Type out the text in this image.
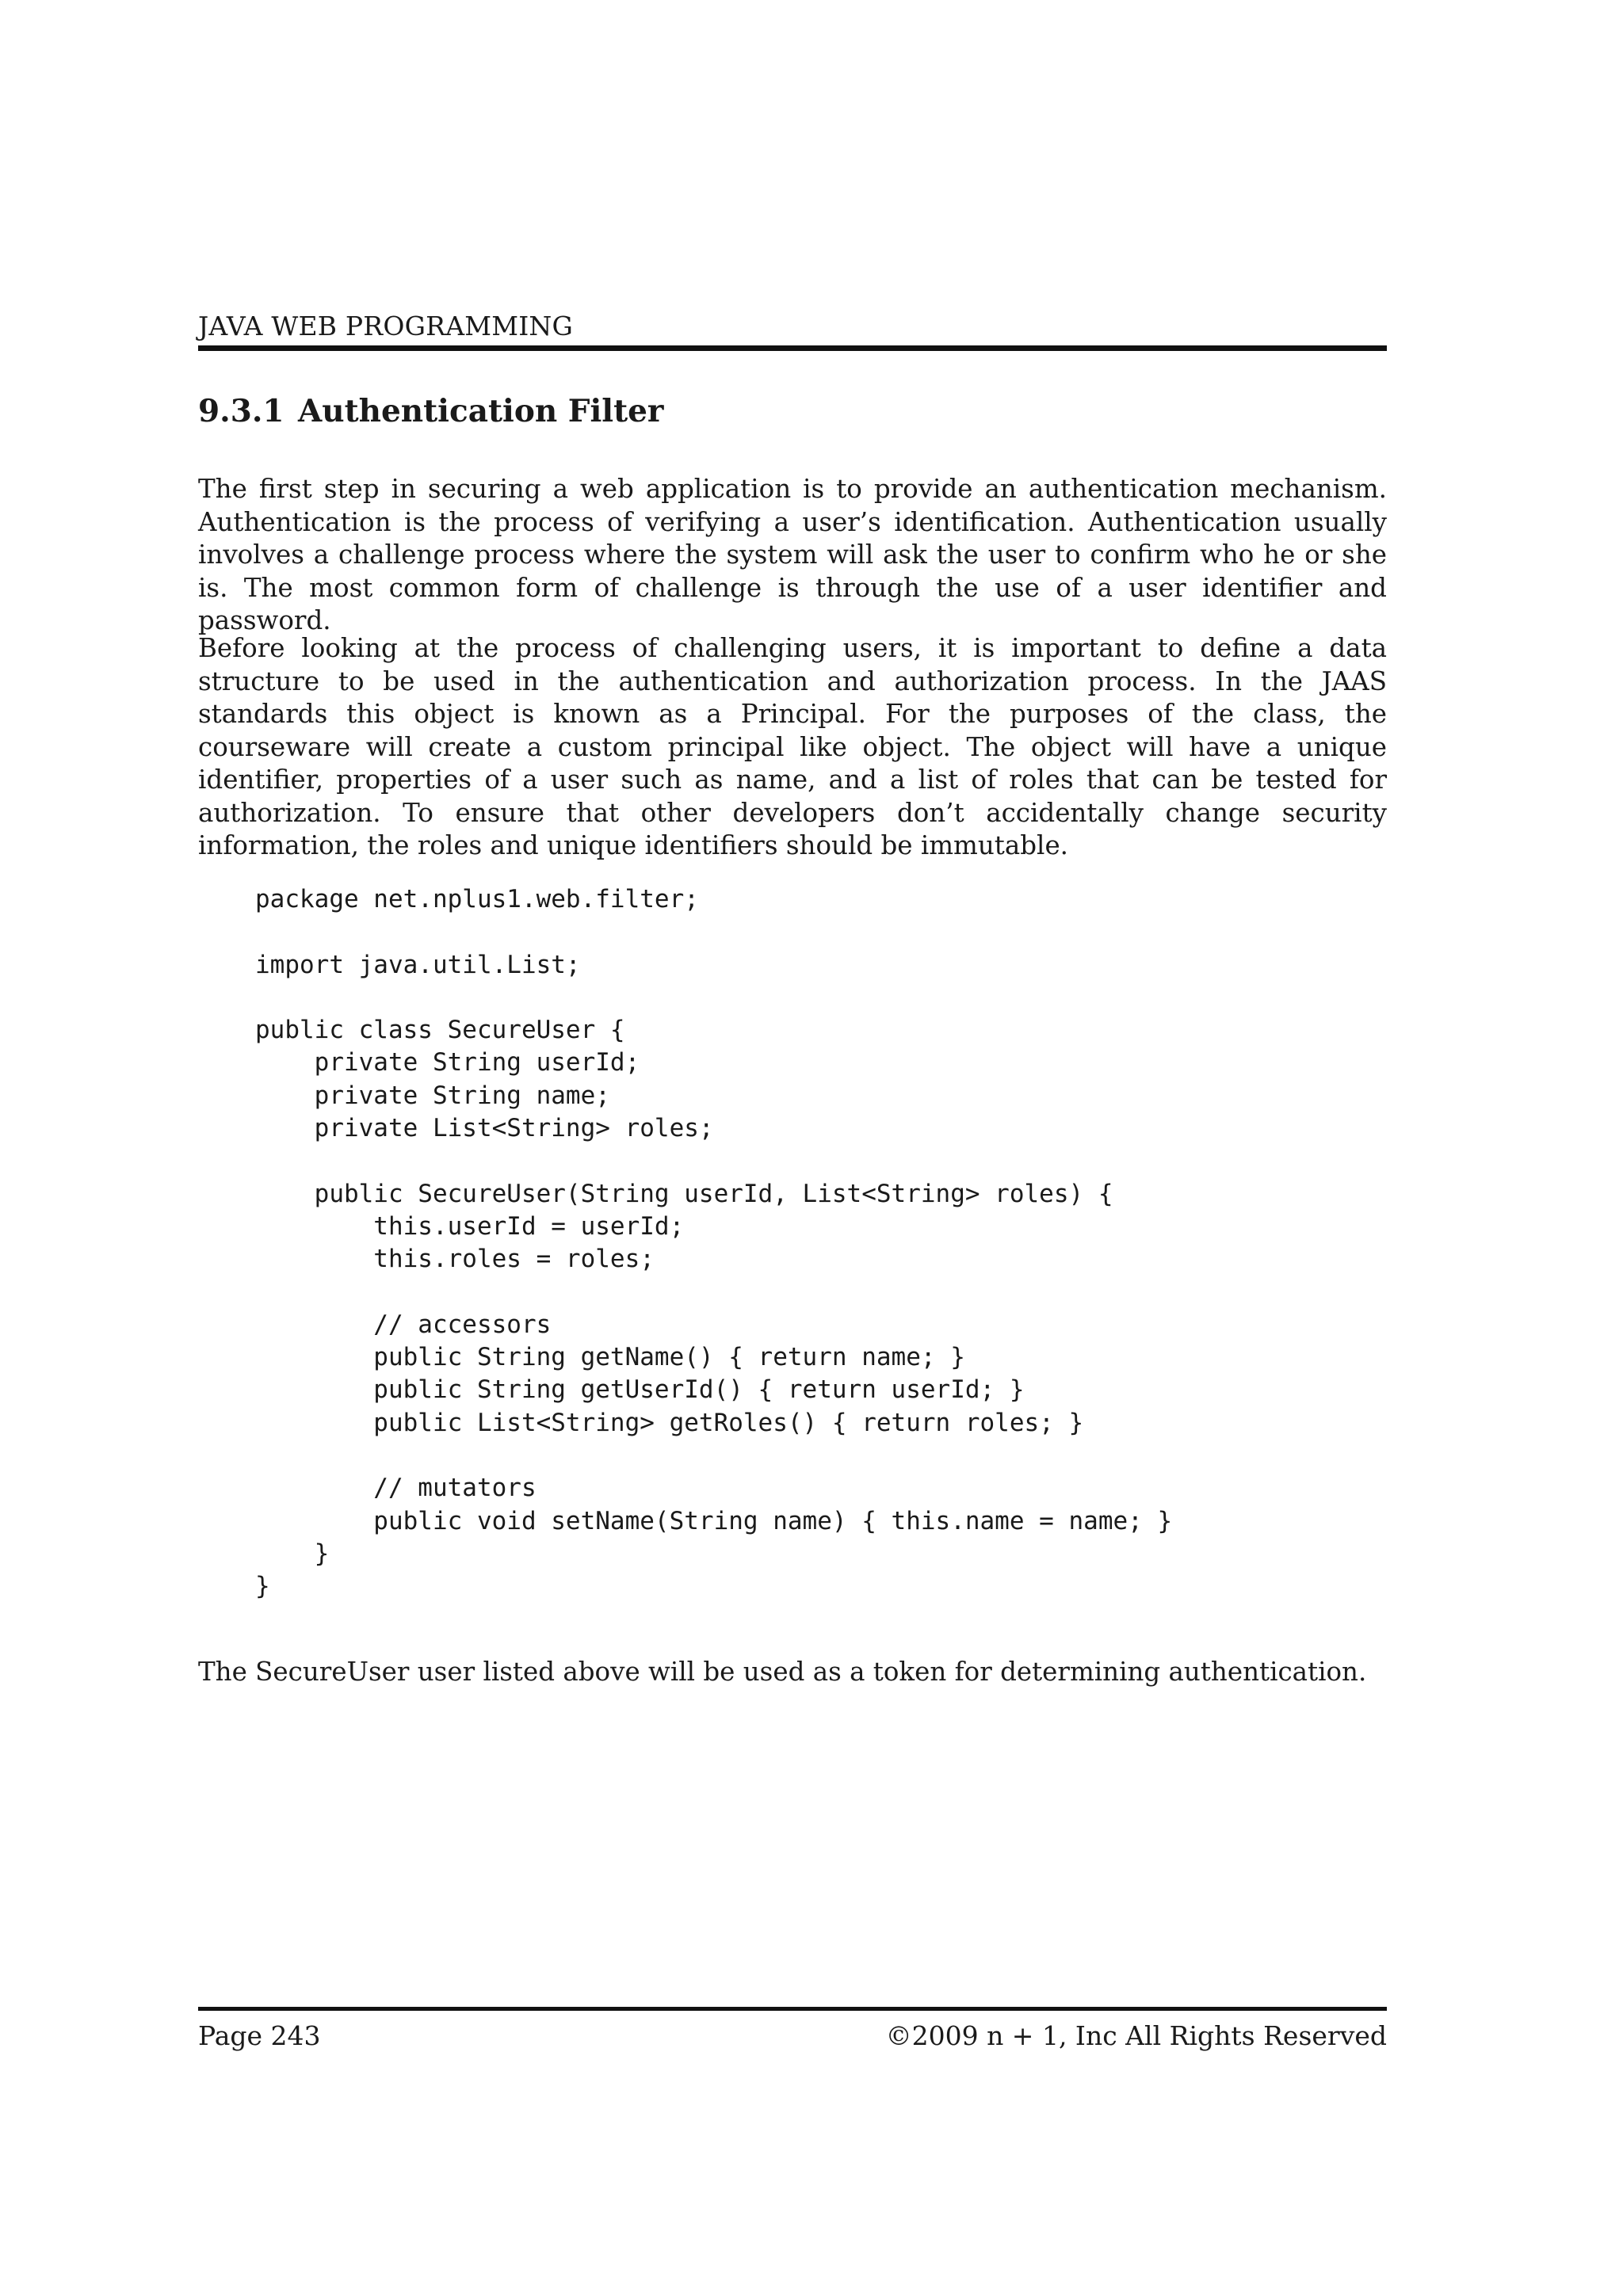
JAVA WEB PROGRAMMING
9.3.1 Authentication Filter

The first step in securing a web application is to provide an authentication mechanism. Authentication is the process of verifying a user’s identification. Authentication usually involves a challenge process where the system will ask the user to confirm who he or she is. The most common form of challenge is through the use of a user identifier and password.

Before looking at the process of challenging users, it is important to define a data structure to be used in the authentication and authorization process. In the JAAS standards this object is known as a Principal. For the purposes of the class, the courseware will create a custom principal like object. The object will have a unique identifier, properties of a user such as name, and a list of roles that can be tested for authorization. To ensure that other developers don’t accidentally change security information, the roles and unique identifiers should be immutable.

package net.nplus1.web.filter;

import java.util.List;

public class SecureUser {
private String userId;
private String name;
private List<String> roles;

public SecureUser(String userId, List<String> roles) {
this.userId = userId;
this.roles = roles;

// accessors
public String getName() { return name; }
public String getUserId() { return userId; }
public List<String> getRoles() { return roles; }

// mutators
public void setName(String name) { this.name = name; }
}
}

The SecureUser user listed above will be used as a token for determining authentication.

Page 243	©2009 n + 1, Inc All Rights Reserved
